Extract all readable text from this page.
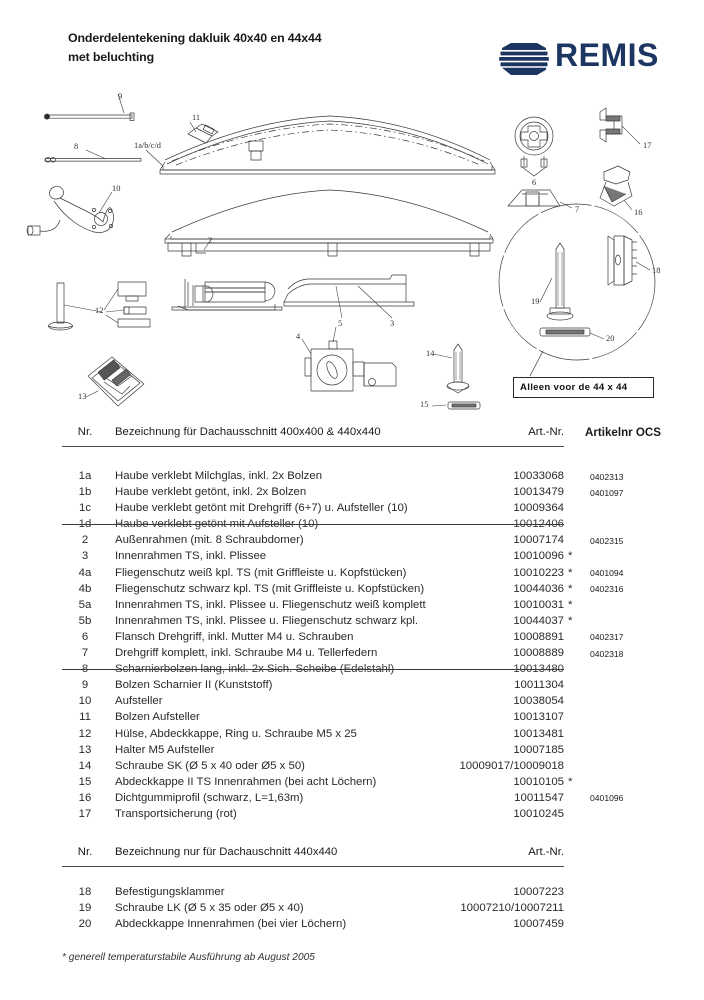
Onderdelentekening dakluik 40x40 en 44x44
met beluchting	REMIS
9
8
10
11
1a/b/c/d
2
12
13
4
5	3
14
15
6
7
17
16
18
19
20
Alleen voor de 44 x 44
Nr.	Bezeichnung für Dachausschnitt 400x400 & 440x440	Art.-Nr. Artikelnr OCS
1a	Haube verklebt Milchglas, inkl. 2x Bolzen	10033068	0402313
1b	Haube verklebt getönt, inkl. 2x Bolzen	10013479	0401097
1c	Haube verklebt getönt mit Drehgriff (6+7) u. Aufsteller (10)	10009364
1d	Haube verklebt getönt mit Aufsteller (10)	10012406
2	Außenrahmen (mit. 8 Schraubdomer)	10007174	0402315
3	Innenrahmen TS, inkl. Plissee	10010096 *
4a	Fliegenschutz weiß kpl. TS (mit Griffleiste u. Kopfstücken)	10010223 *	0401094
4b	Fliegenschutz schwarz kpl. TS (mit Griffleiste u. Kopfstücken)	10044036 *	0402316
5a	Innenrahmen TS, inkl. Plissee u. Fliegenschutz weiß komplett	10010031 *
5b	Innenrahmen TS, inkl. Plissee u. Fliegenschutz schwarz kpl.	10044037 *
6	Flansch Drehgriff, inkl. Mutter M4 u. Schrauben	10008891	0402317
7	Drehgriff komplett, inkl. Schraube M4 u. Tellerfedern	10008889	0402318
8	Scharnierbolzen lang, inkl. 2x Sich. Scheibe (Edelstahl)	10013480
9	Bolzen Scharnier II (Kunststoff)	10011304
10	Aufsteller	10038054
11	Bolzen Aufsteller	10013107
12	Hülse, Abdeckkappe, Ring u. Schraube M5 x 25	10013481
13	Halter M5 Aufsteller	10007185
14	Schraube SK (Ø 5 x 40 oder Ø5 x 50)	10009017/10009018
15	Abdeckkappe II TS Innenrahmen (bei acht Löchern)	10010105 *
16	Dichtgummiprofil (schwarz, L=1,63m)	10011547	0401096
17	Transportsicherung (rot)	10010245
Nr.	Bezeichnung nur für Dachauschnitt 440x440	Art.-Nr.
18	Befestigungsklammer	10007223
19	Schraube LK (Ø 5 x 35 oder Ø5 x 40)	10007210/10007211
20	Abdeckkappe Innenrahmen (bei vier Löchern)	10007459
* generell temperaturstabile Ausführung ab August 2005
